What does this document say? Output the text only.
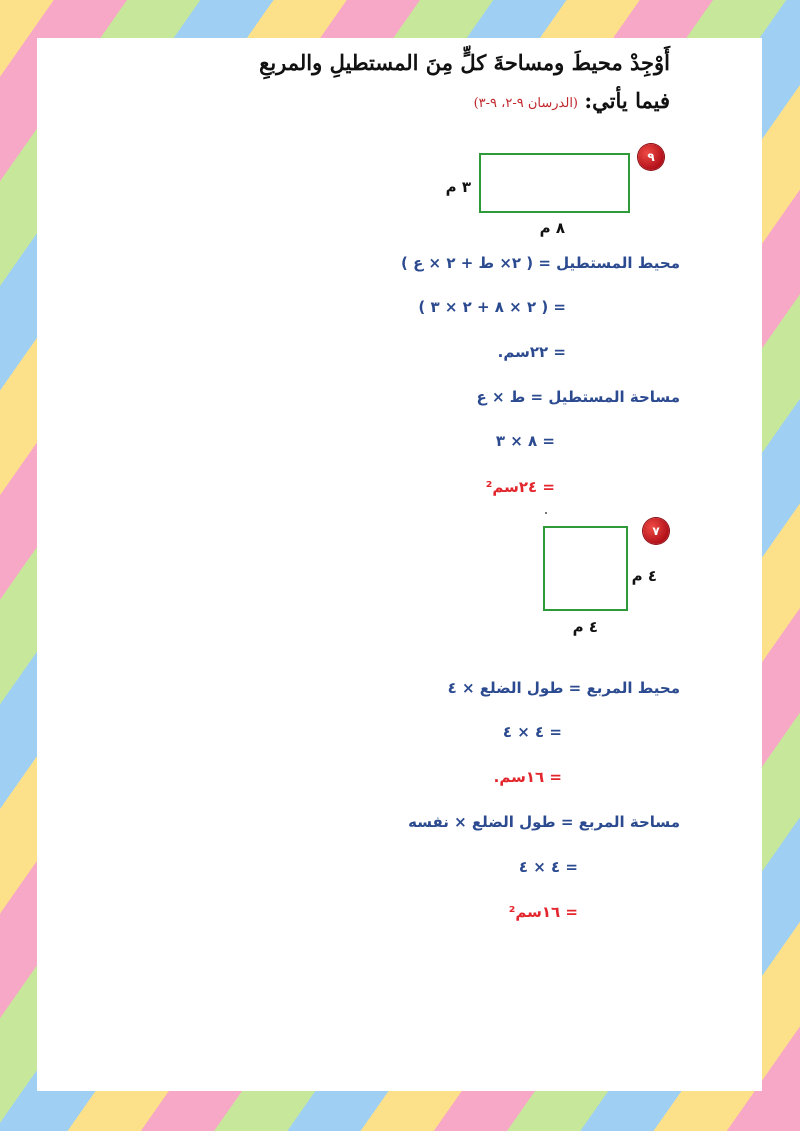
أَوْجِدْ محيطَ ومساحةَ كلٍّ مِنَ المستطيلِ والمربعِ
فيما يأتي:
(الدرسان ٩-٢، ٩-٣)
٩
٣ م
٨ م
محيط المستطيل = ( ٢× ط + ٢ × ع )
= ( ٢ × ٨ + ٢ × ٣ )
= ٢٢سم.
مساحة المستطيل = ط × ع
= ٨ × ٣
= ٢٤سم²
٧
٤ م
٤ م
محيط المربع = طول الضلع × ٤
= ٤ × ٤
= ١٦سم.
مساحة المربع = طول الضلع × نفسه
= ٤ × ٤
= ١٦سم²
